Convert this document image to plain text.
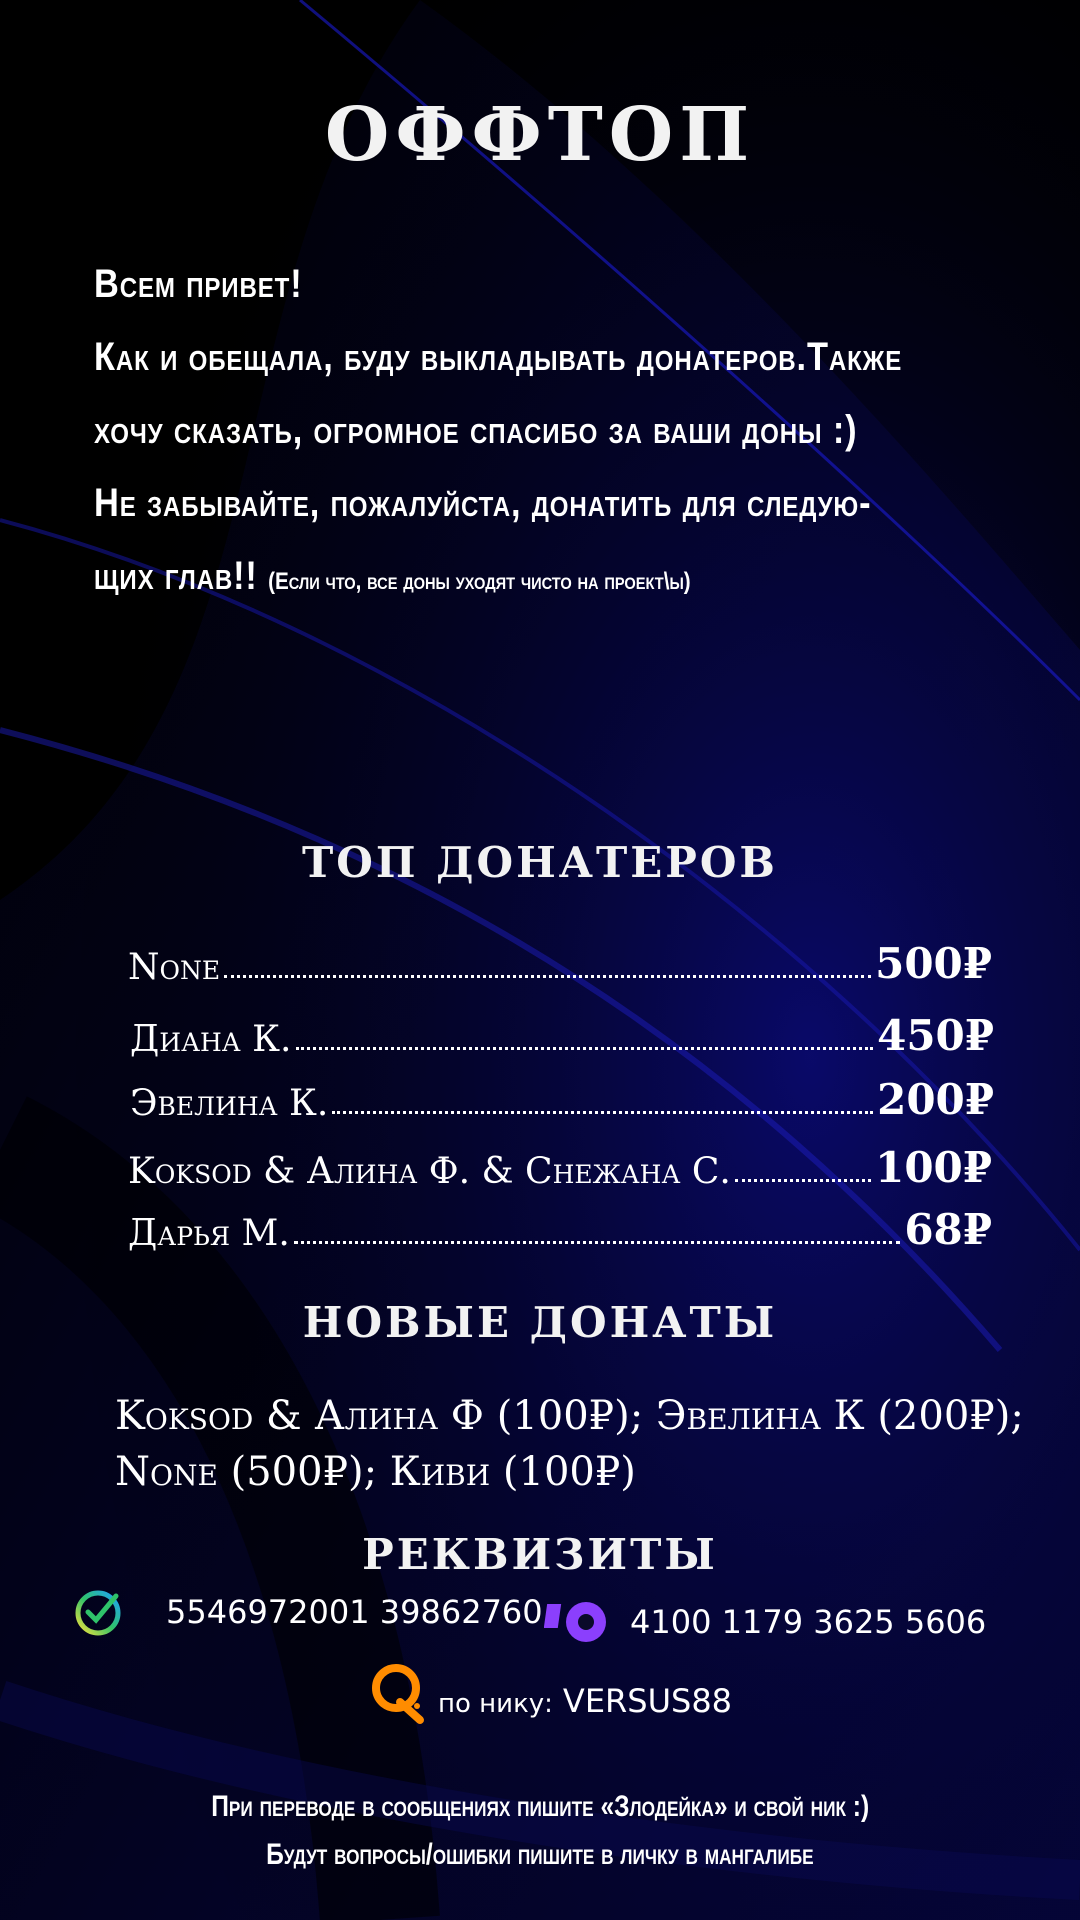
ОФФТОП
Всем привет!
Как и обещала, буду выкладывать донатеров.Также
хочу сказать, огромное спасибо за ваши доны :)
Не забывайте, пожалуйста, донатить для следую-
щих глав!! (Если что, все доны уходят чисто на проект\ы)
ТОП ДОНАТЕРОВ
None	500₽
Диана К.	450₽
Эвелина К.	200₽
Koksod & Алина Ф. & Снежана С.	100₽
Дарья М.	68₽
НОВЫЕ ДОНАТЫ
Koksod & Алина Ф (100₽); Эвелина К (200₽);
None (500₽); Киви (100₽)
РЕКВИЗИТЫ
5546972001 39862760	4100 1179 3625 5606
по нику: VERSUS88
При переводе в сообщениях пишите «Злодейка» и свой ник :)
Будут вопросы/ошибки пишите в личку в мангалибе
